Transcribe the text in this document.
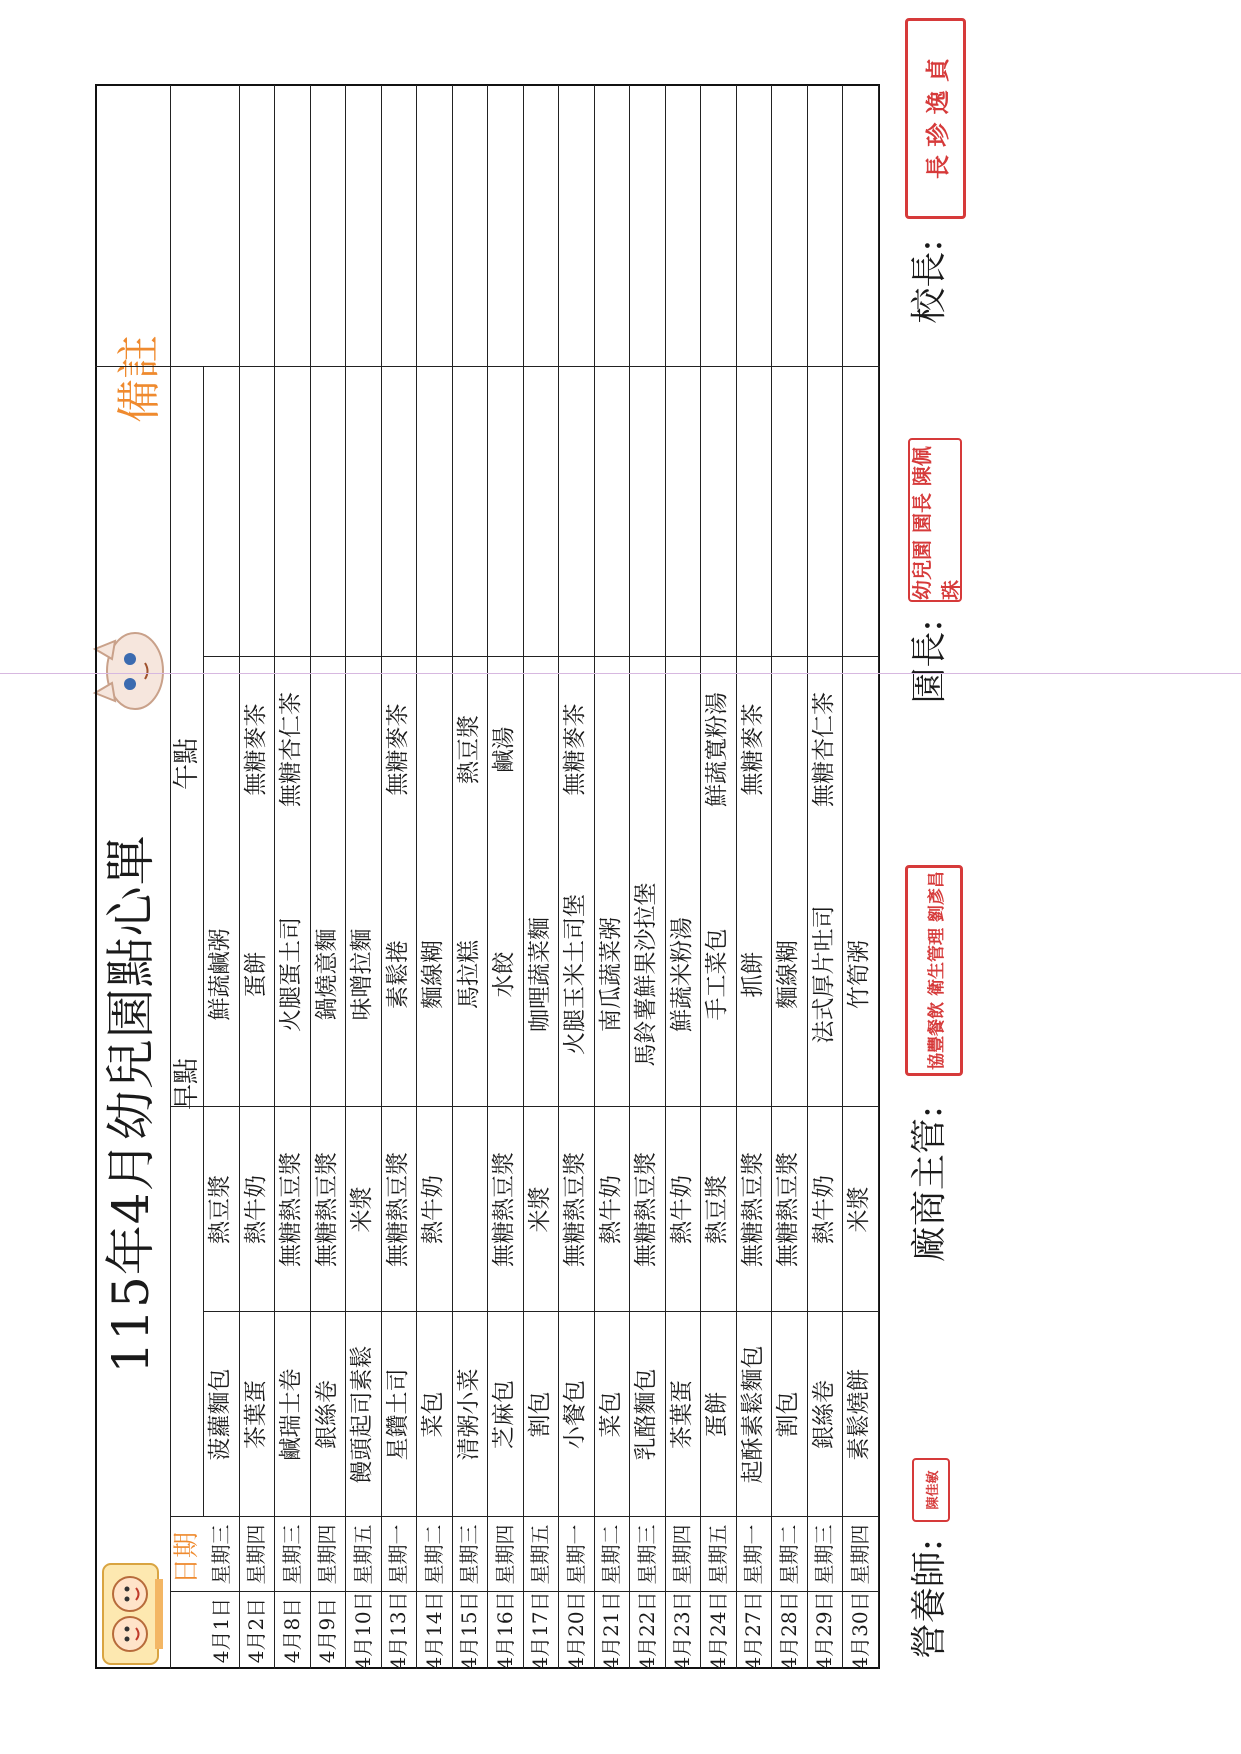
115年4月幼兒園點心單
日期
早點
午點
備註
4月1日
星期三
菠蘿麵包
熱豆漿
鮮蔬鹹粥
4月2日
星期四
茶葉蛋
熱牛奶
蛋餅
無糖麥茶
4月8日
星期三
鹹瑞士卷
無糖熱豆漿
火腿蛋土司
無糖杏仁茶
4月9日
星期四
銀絲卷
無糖熱豆漿
鍋燒意麵
4月10日
星期五
饅頭起司素鬆
米漿
味噌拉麵
4月13日
星期一
星鑽土司
無糖熱豆漿
素鬆捲
無糖麥茶
4月14日
星期二
菜包
熱牛奶
麵線糊
4月15日
星期三
清粥小菜
馬拉糕
熱豆漿
4月16日
星期四
芝麻包
無糖熱豆漿
水餃
鹹湯
4月17日
星期五
割包
米漿
咖哩蔬菜麵
4月20日
星期一
小餐包
無糖熱豆漿
火腿玉米土司堡
無糖麥茶
4月21日
星期二
菜包
熱牛奶
南瓜蔬菜粥
4月22日
星期三
乳酪麵包
無糖熱豆漿
馬鈴薯鮮果沙拉堡
4月23日
星期四
茶葉蛋
熱牛奶
鮮蔬米粉湯
4月24日
星期五
蛋餅
熱豆漿
手工菜包
鮮蔬寬粉湯
4月27日
星期一
起酥素鬆麵包
無糖熱豆漿
抓餅
無糖麥茶
4月28日
星期二
割包
無糖熱豆漿
麵線糊
4月29日
星期三
銀絲卷
熱牛奶
法式厚片吐司
無糖杏仁茶
4月30日
星期四
素鬆燒餅
米漿
竹筍粥
營養師:
陳佳敏
廠商主管:
協豐餐飲 衛生管理 劉彥昌
園長:
幼兒園 園長 陳佩珠
校長:
長 珍 逸 貞
